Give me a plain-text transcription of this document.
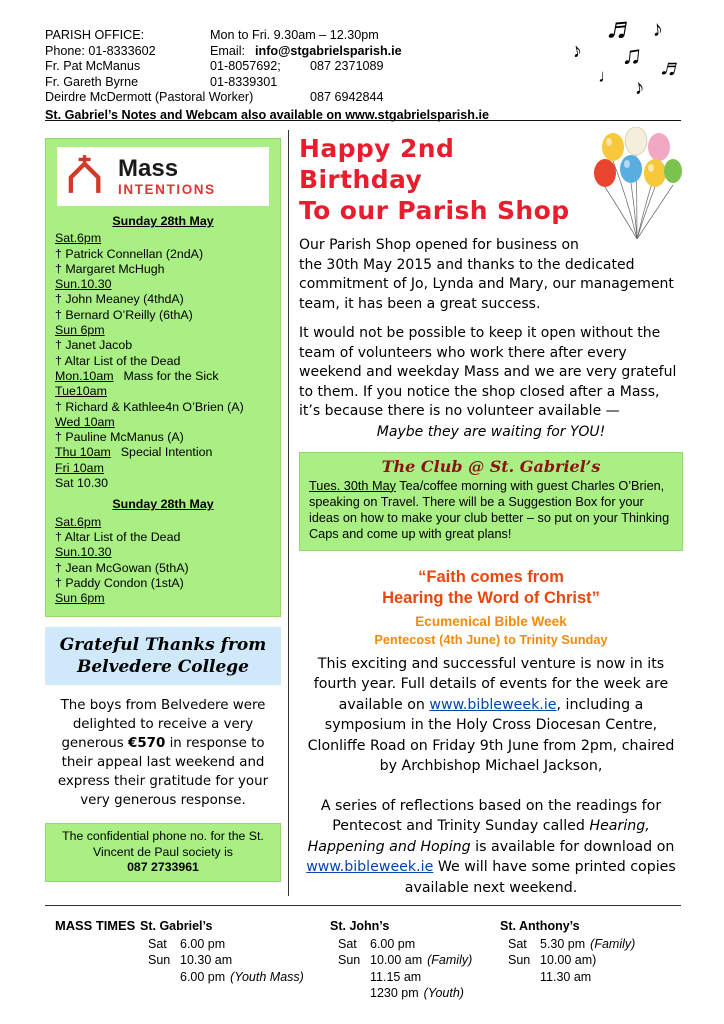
PARISH OFFICE:	Mon to Fri. 9.30am – 12.30pm
Phone: 01-8333602	Email: info@stgabrielsparish.ie
Fr. Pat McManus	01-8057692;	087 2371089
Fr. Gareth Byrne	01-8339301
Deirdre McDermott (Pastoral Worker)	087 6942844
St. Gabriel’s Notes and Webcam also available on www.stgabrielsparish.ie
♬ ♪
♪ ♫ ♬
♩ ♪
Mass
INTENTIONS
Sunday 28th May
Sat.6pm
† Patrick Connellan (2ndA)
† Margaret McHugh
Sun.10.30
† John Meaney (4thdA)
† Bernard O’Reilly (6thA)
Sun 6pm
† Janet Jacob
† Altar List of the Dead
Mon.10am Mass for the Sick
Tue10am
† Richard & Kathlee4n O’Brien (A)
Wed 10am
† Pauline McManus (A)
Thu 10am Special Intention
Fri 10am
Sat 10.30
Sunday 28th May
Sat.6pm
† Altar List of the Dead
Sun.10.30
† Jean McGowan (5thA)
† Paddy Condon (1stA)
Sun 6pm
Grateful Thanks from
Belvedere College
The boys from Belvedere were delighted to receive a very generous €570 in response to their appeal last weekend and express their gratitude for your very generous response.
The confidential phone no. for the St. Vincent de Paul society is
087 2733961
Happy 2nd Birthday
To our Parish Shop

Our Parish Shop opened for business on the 30th May 2015 and thanks to the dedicated commitment of Jo, Lynda and Mary, our management team, it has been a great success.

It would not be possible to keep it open without the team of volunteers who work there after every weekend and weekday Mass and we are very grateful to them. If you notice the shop closed after a Mass, it’s because there is no volunteer available —

Maybe they are waiting for YOU!

The Club @ St. Gabriel’s
Tues. 30th May Tea/coffee morning with guest Charles O’Brien, speaking on Travel. There will be a Suggestion Box for your ideas on how to make your club better – so put on your Thinking Caps and come up with great plans!
“Faith comes from
Hearing the Word of Christ”
Ecumenical Bible Week
Pentecost (4th June) to Trinity Sunday

This exciting and successful venture is now in its fourth year. Full details of events for the week are available on www.bibleweek.ie, including a symposium in the Holy Cross Diocesan Centre, Clonliffe Road on Friday 9th June from 2pm, chaired by Archbishop Michael Jackson,

A series of reflections based on the readings for Pentecost and Trinity Sunday called Hearing, Happening and Hoping is available for download on www.bibleweek.ie We will have some printed copies available next weekend.

MASS TIMES St. Gabriel’s
Sat	6.00 pm
Sun 10.30 am
6.00 pm (Youth Mass)
St. John’s
Sat	6.00 pm
Sun 10.00 am (Family)
11.15 am
1230 pm (Youth)
St. Anthony’s
Sat	5.30 pm (Family)
Sun 10.00 am)
11.30 am
